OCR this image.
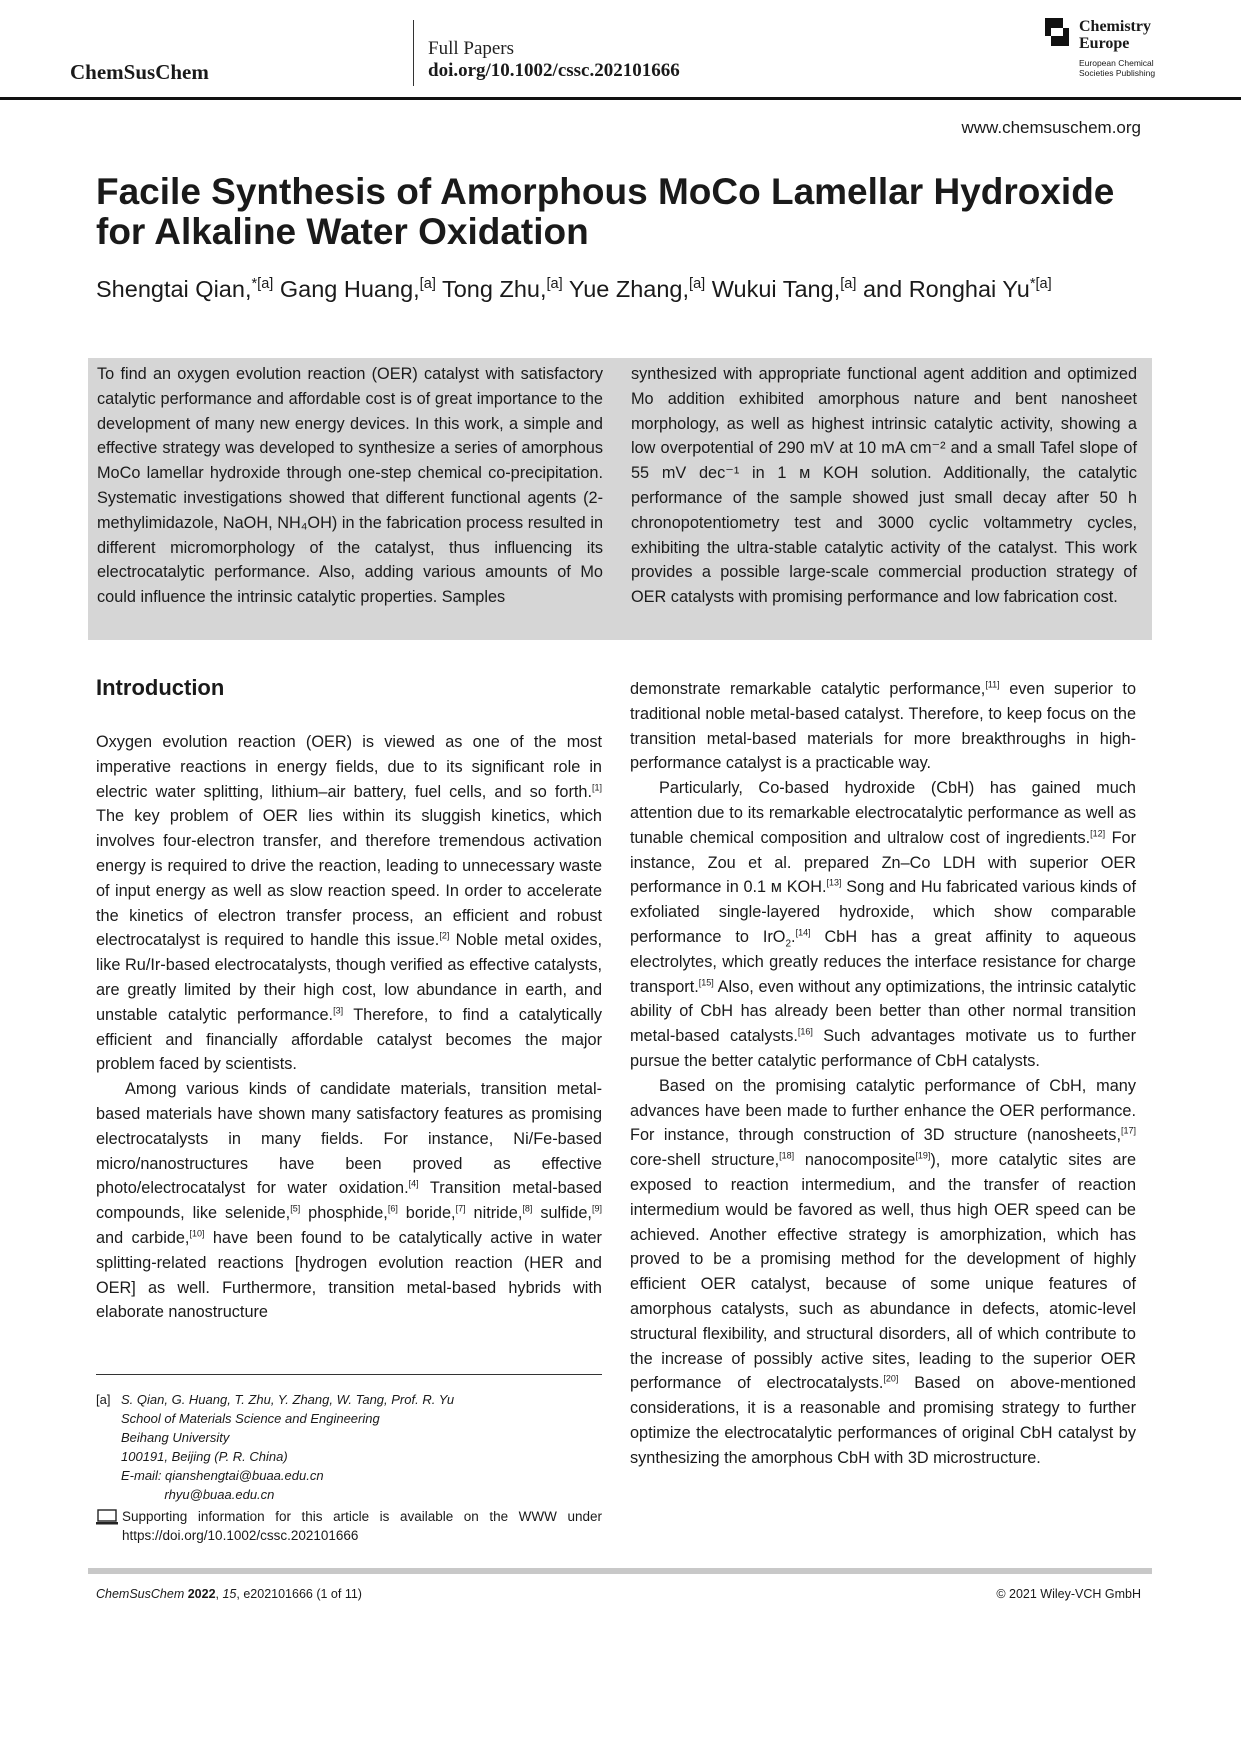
ChemSusChem
Full Papers
doi.org/10.1002/cssc.202101666
Chemistry
Europe
European Chemical
Societies Publishing
www.chemsuschem.org
Facile Synthesis of Amorphous MoCo Lamellar Hydroxide
for Alkaline Water Oxidation
Shengtai Qian,$^{*[a]}$ Gang Huang,[a] Tong Zhu,[a] Yue Zhang,[a] Wukui Tang,[a] and Ronghai $Yu^{*[a]}$
To find an oxygen evolution reaction (OER) catalyst with satisfactory catalytic performance and affordable cost is of great importance to the development of many new energy devices. In this work, a simple and effective strategy was developed to synthesize a series of amorphous MoCo lamellar hydroxide through one-step chemical co-precipitation. Systematic investigations showed that different functional agents (2-methylimidazole, NaOH, NH₄OH) in the fabrication process resulted in different micromorphology of the catalyst, thus influencing its electrocatalytic performance. Also, adding various amounts of Mo could influence the intrinsic catalytic properties. Samples
synthesized with appropriate functional agent addition and optimized Mo addition exhibited amorphous nature and bent nanosheet morphology, as well as highest intrinsic catalytic activity, showing a low overpotential of 290 mV at 10 mA cm⁻² and a small Tafel slope of 55 mV dec⁻¹ in 1 ᴍ KOH solution. Additionally, the catalytic performance of the sample showed just small decay after 50 h chronopotentiometry test and 3000 cyclic voltammetry cycles, exhibiting the ultra-stable catalytic activity of the catalyst. This work provides a possible large-scale commercial production strategy of OER catalysts with promising performance and low fabrication cost.
Introduction

Oxygen evolution reaction (OER) is viewed as one of the most imperative reactions in energy fields, due to its significant role in electric water splitting, lithium–air battery, fuel cells, and so forth.[1] The key problem of OER lies within its sluggish kinetics, which involves four-electron transfer, and therefore tremendous activation energy is required to drive the reaction, leading to unnecessary waste of input energy as well as slow reaction speed. In order to accelerate the kinetics of electron transfer process, an efficient and robust electrocatalyst is required to handle this issue.[2] Noble metal oxides, like Ru/Ir-based electrocatalysts, though verified as effective catalysts, are greatly limited by their high cost, low abundance in earth, and unstable catalytic performance.[3] Therefore, to find a catalytically efficient and financially affordable catalyst becomes the major problem faced by scientists.

Among various kinds of candidate materials, transition metal-based materials have shown many satisfactory features as promising electrocatalysts in many fields. For instance, Ni/Fe-based micro/nanostructures have been proved as effective photo/electrocatalyst for water oxidation.[4] Transition metal-based compounds, like selenide,[5] phosphide,[6] boride,[7] nitride,[8] sulfide,[9] and carbide,[10] have been found to be catalytically active in water splitting-related reactions [hydrogen evolution reaction (HER and OER] as well. Furthermore, transition metal-based hybrids with elaborate nanostructure

demonstrate remarkable catalytic performance,[11] even superior to traditional noble metal-based catalyst. Therefore, to keep focus on the transition metal-based materials for more breakthroughs in high-performance catalyst is a practicable way.

Particularly, Co-based hydroxide (CbH) has gained much attention due to its remarkable electrocatalytic performance as well as tunable chemical composition and ultralow cost of ingredients.[12] For instance, Zou et al. prepared Zn–Co LDH with superior OER performance in 0.1 ᴍ KOH.[13] Song and Hu fabricated various kinds of exfoliated single-layered hydroxide, which show comparable performance to IrO$_2$.[14] CbH has a great affinity to aqueous electrolytes, which greatly reduces the interface resistance for charge transport.[15] Also, even without any optimizations, the intrinsic catalytic ability of CbH has already been better than other normal transition metal-based catalysts.[16] Such advantages motivate us to further pursue the better catalytic performance of CbH catalysts.

Based on the promising catalytic performance of CbH, many advances have been made to further enhance the OER performance. For instance, through construction of 3D structure (nanosheets,[17] core-shell structure,[18] nanocomposite[19]), more catalytic sites are exposed to reaction intermedium, and the transfer of reaction intermedium would be favored as well, thus high OER speed can be achieved. Another effective strategy is amorphization, which has proved to be a promising method for the development of highly efficient OER catalyst, because of some unique features of amorphous catalysts, such as abundance in defects, atomic-level structural flexibility, and structural disorders, all of which contribute to the increase of possibly active sites, leading to the superior OER performance of electrocatalysts.[20] Based on above-mentioned considerations, it is a reasonable and promising strategy to further optimize the electrocatalytic performances of original CbH catalyst by synthesizing the amorphous CbH with 3D microstructure.

[a] S. Qian, G. Huang, T. Zhu, Y. Zhang, W. Tang, Prof. R. Yu
School of Materials Science and Engineering
Beihang University
100191, Beijing (P. R. China)
E-mail: qianshengtai@buaa.edu.cn
rhyu@buaa.edu.cn
Supporting information for this article is available on the WWW under https://doi.org/10.1002/cssc.202101666
ChemSusChem 2022, 15, e202101666 (1 of 11)	© 2021 Wiley-VCH GmbH
